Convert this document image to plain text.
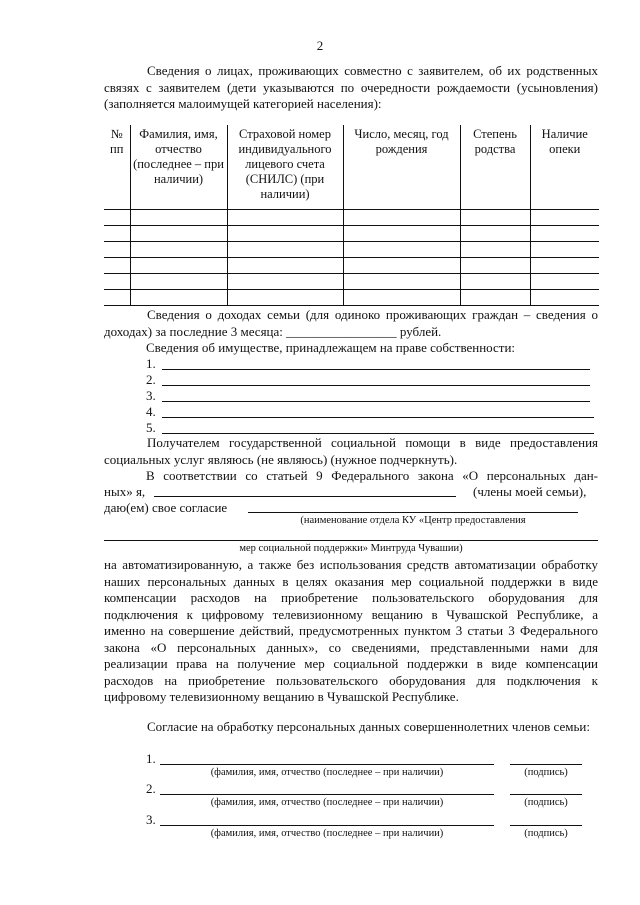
2

Сведения о лицах, проживающих совместно с заявителем, об их родственных связях с заявителем (дети указываются по очередности рождаемости (усыновления) (заполняется малоимущей категорией населения):

№ пп	Фамилия, имя, отчество (последнее – при наличии)	Страховой номер индивидуального лицевого счета (СНИЛС) (при наличии)	Число, месяц, год рождения	Степень родства	Наличие опеки

Сведения о доходах семьи (для одиноко проживающих граждан – сведения о доходах) за последние 3 месяца: _________________ рублей.

Сведения об имуществе, принадлежащем на праве собственности:
1.
2.
3.
4.
5.

Получателем государственной социальной помощи в виде предоставления социальных услуг являюсь (не являюсь) (нужное подчеркнуть).

В соответствии со статьей 9 Федерального закона «О персональных дан-
ных» я,	(члены моей семьи),
даю(ем) свое согласие
(наименование отдела КУ «Центр предоставления
мер социальной поддержки» Минтруда Чувашии)

на автоматизированную, а также без использования средств автоматизации обработку наших персональных данных в целях оказания мер социальной поддержки в виде компенсации расходов на приобретение пользовательского оборудования для подключения к цифровому телевизионному вещанию в Чувашской Республике, а именно на совершение действий, предусмотренных пунктом 3 статьи 3 Федерального закона «О персональных данных», со сведениями, представленными нами для реализации права на получение мер социальной поддержки в виде компенсации расходов на приобретение пользовательского оборудования для подключения к цифровому телевизионному вещанию в Чувашской Республике.

Согласие на обработку персональных данных совершеннолетних членов семьи:

1.
(фамилия, имя, отчество (последнее – при наличии)	(подпись)
2.
(фамилия, имя, отчество (последнее – при наличии)	(подпись)
3.
(фамилия, имя, отчество (последнее – при наличии)	(подпись)
